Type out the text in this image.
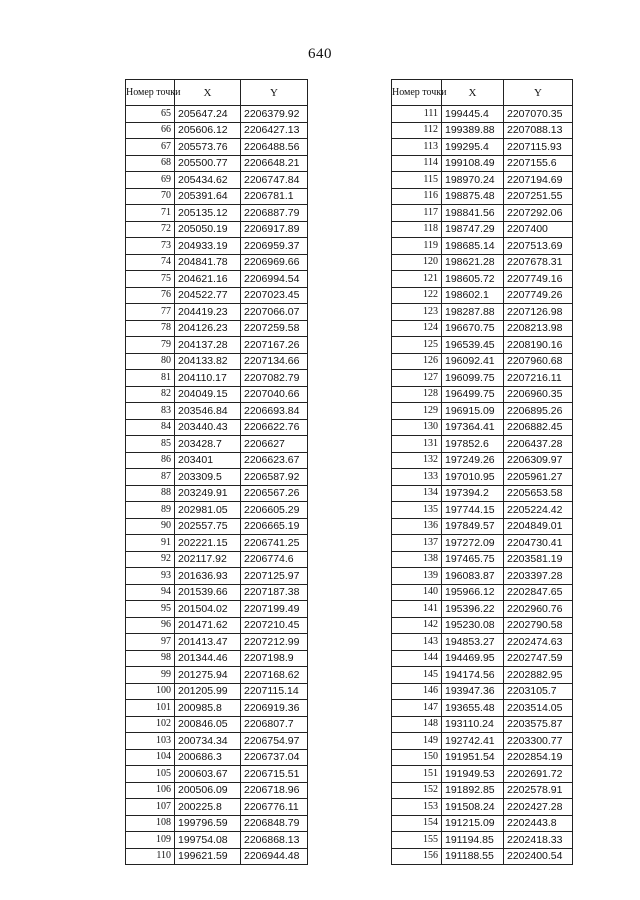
640
Номер точки	X	Y
65	205647.24	2206379.92
66	205606.12	2206427.13
67	205573.76	2206488.56
68	205500.77	2206648.21
69	205434.62	2206747.84
70	205391.64	2206781.1
71	205135.12	2206887.79
72	205050.19	2206917.89
73	204933.19	2206959.37
74	204841.78	2206969.66
75	204621.16	2206994.54
76	204522.77	2207023.45
77	204419.23	2207066.07
78	204126.23	2207259.58
79	204137.28	2207167.26
80	204133.82	2207134.66
81	204110.17	2207082.79
82	204049.15	2207040.66
83	203546.84	2206693.84
84	203440.43	2206622.76
85	203428.7	2206627
86	203401	2206623.67
87	203309.5	2206587.92
88	203249.91	2206567.26
89	202981.05	2206605.29
90	202557.75	2206665.19
91	202221.15	2206741.25
92	202117.92	2206774.6
93	201636.93	2207125.97
94	201539.66	2207187.38
95	201504.02	2207199.49
96	201471.62	2207210.45
97	201413.47	2207212.99
98	201344.46	2207198.9
99	201275.94	2207168.62
100	201205.99	2207115.14
101	200985.8	2206919.36
102	200846.05	2206807.7
103	200734.34	2206754.97
104	200686.3	2206737.04
105	200603.67	2206715.51
106	200506.09	2206718.96
107	200225.8	2206776.11
108	199796.59	2206848.79
109	199754.08	2206868.13
110	199621.59	2206944.48
Номер точки	X	Y
111	199445.4	2207070.35
112	199389.88	2207088.13
113	199295.4	2207115.93
114	199108.49	2207155.6
115	198970.24	2207194.69
116	198875.48	2207251.55
117	198841.56	2207292.06
118	198747.29	2207400
119	198685.14	2207513.69
120	198621.28	2207678.31
121	198605.72	2207749.16
122	198602.1	2207749.26
123	198287.88	2207126.98
124	196670.75	2208213.98
125	196539.45	2208190.16
126	196092.41	2207960.68
127	196099.75	2207216.11
128	196499.75	2206960.35
129	196915.09	2206895.26
130	197364.41	2206882.45
131	197852.6	2206437.28
132	197249.26	2206309.97
133	197010.95	2205961.27
134	197394.2	2205653.58
135	197744.15	2205224.42
136	197849.57	2204849.01
137	197272.09	2204730.41
138	197465.75	2203581.19
139	196083.87	2203397.28
140	195966.12	2202847.65
141	195396.22	2202960.76
142	195230.08	2202790.58
143	194853.27	2202474.63
144	194469.95	2202747.59
145	194174.56	2202882.95
146	193947.36	2203105.7
147	193655.48	2203514.05
148	193110.24	2203575.87
149	192742.41	2203300.77
150	191951.54	2202854.19
151	191949.53	2202691.72
152	191892.85	2202578.91
153	191508.24	2202427.28
154	191215.09	2202443.8
155	191194.85	2202418.33
156	191188.55	2202400.54
